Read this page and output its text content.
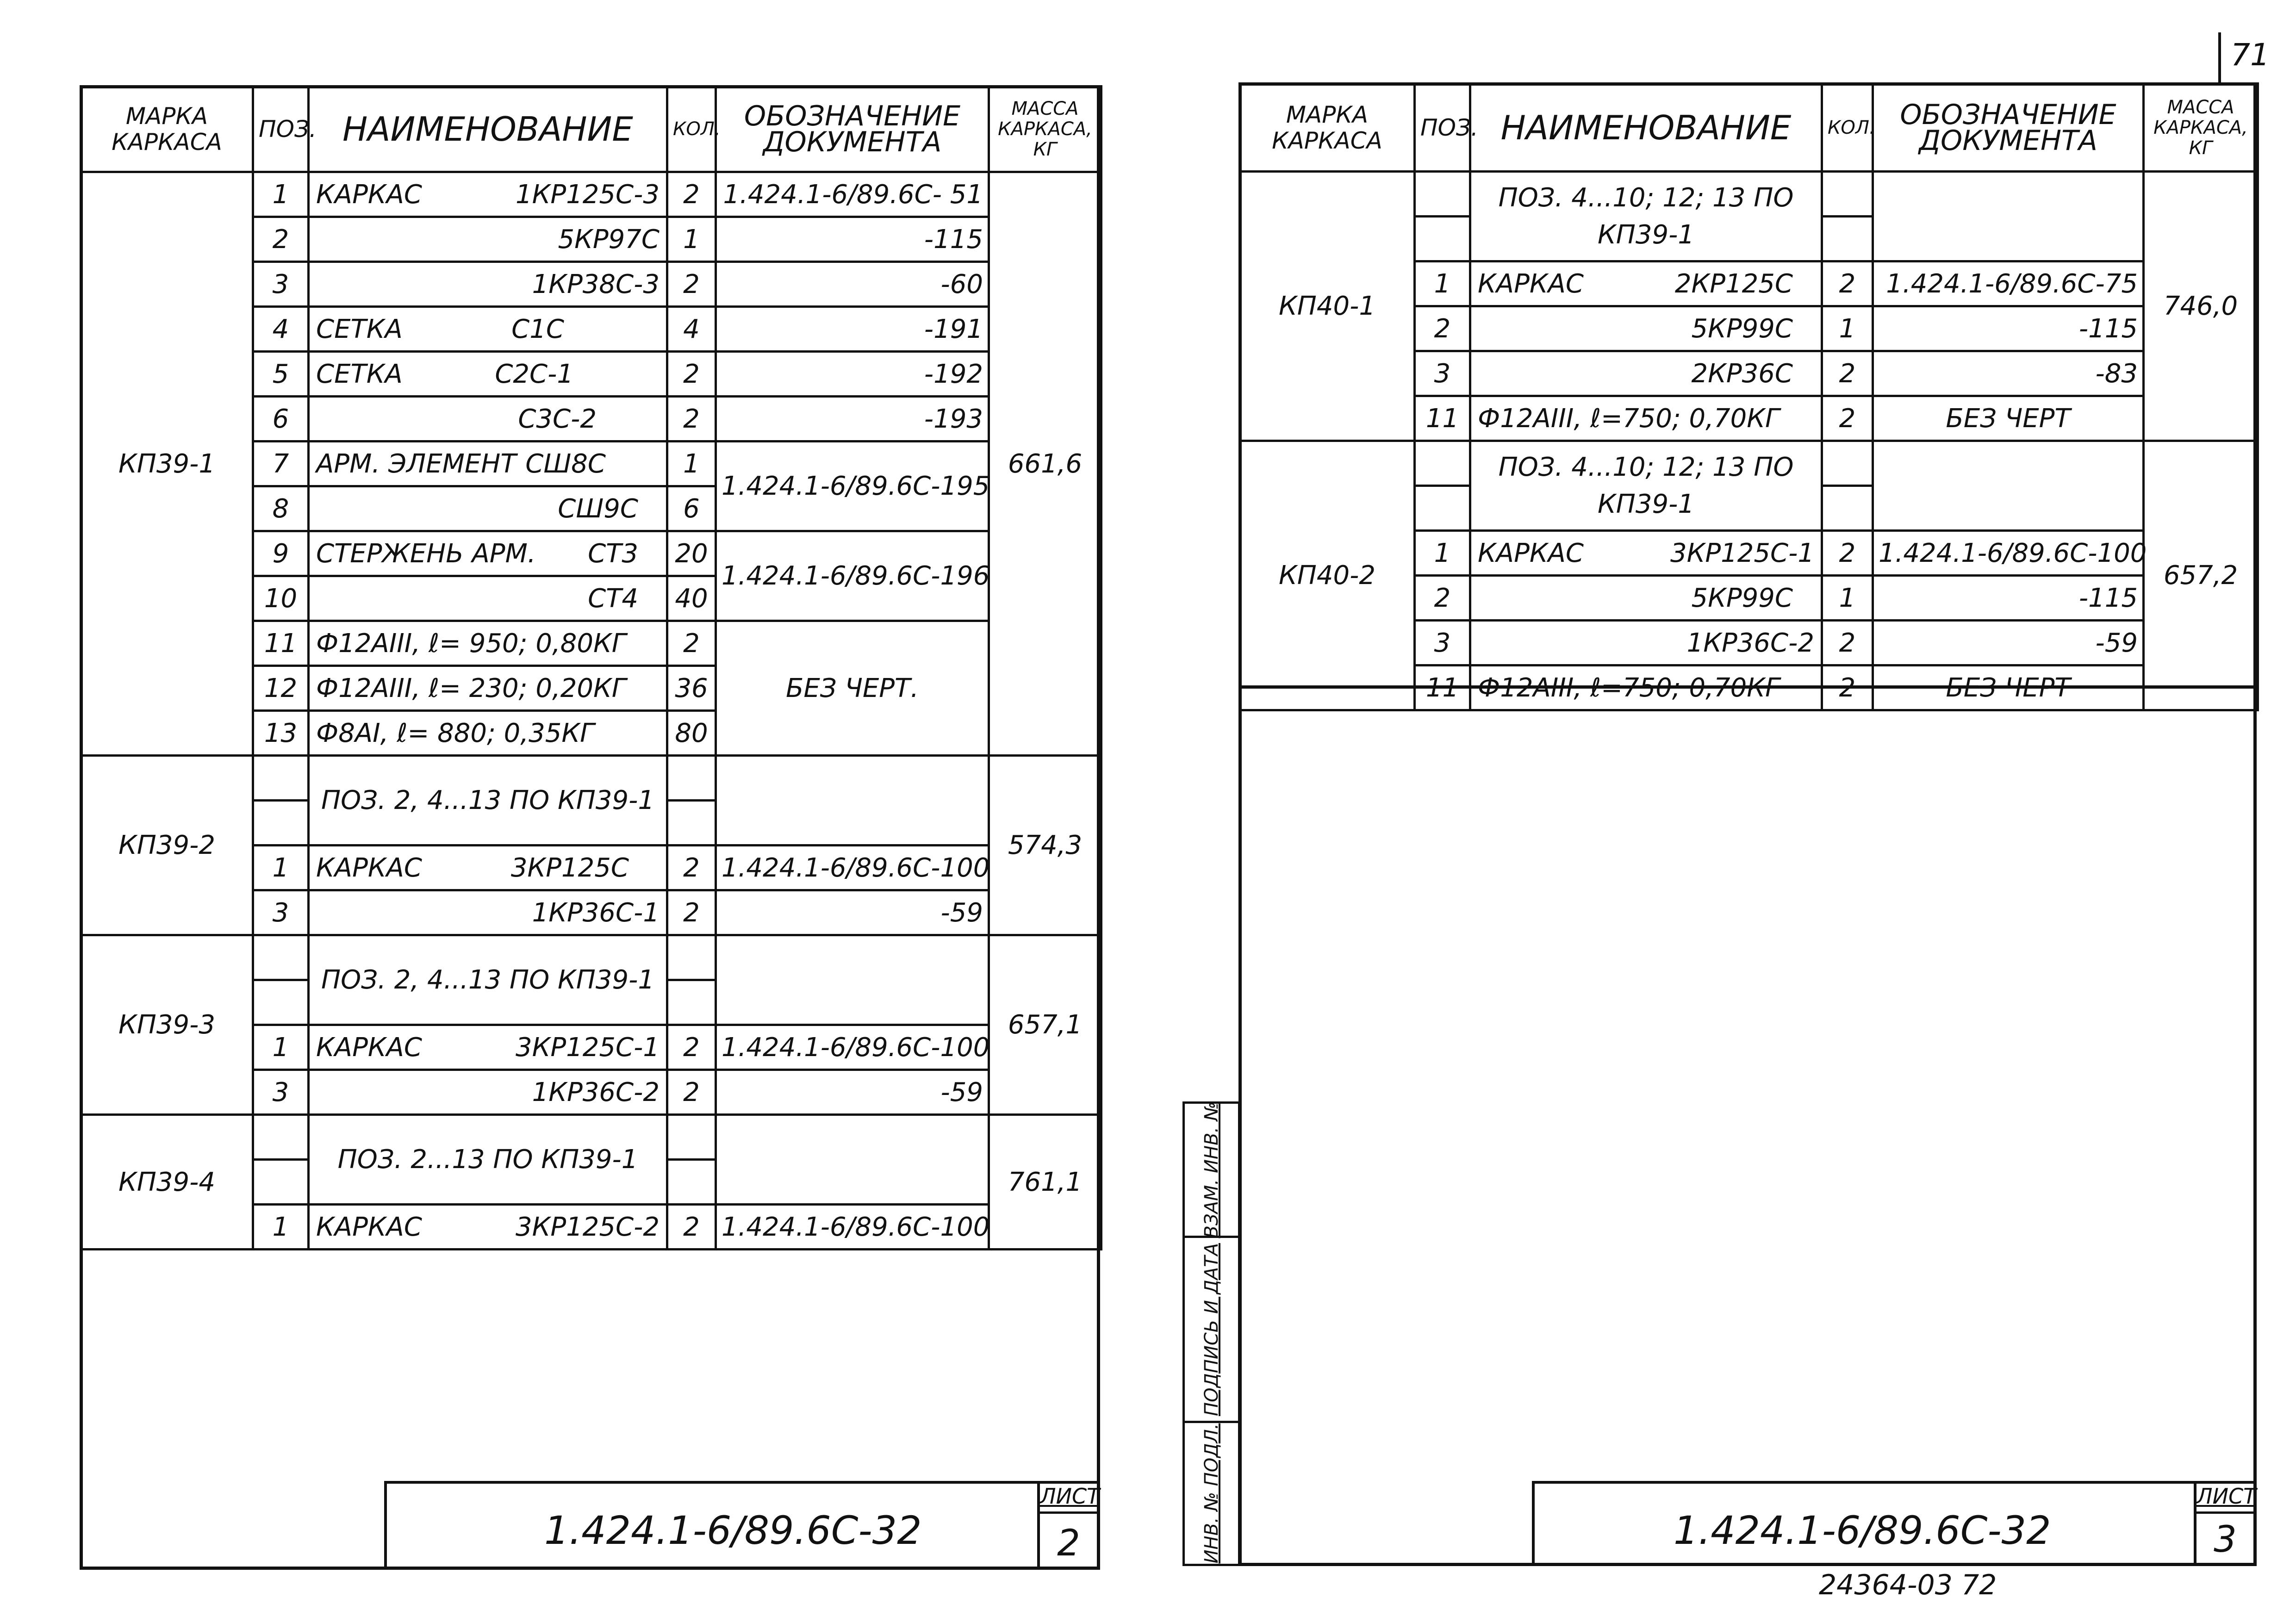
МАРКА КАРКАСА	ПОЗ.	НАИМЕНОВАНИЕ	КОЛ.	ОБОЗНАЧЕНИЕ ДОКУМЕНТА	МАССА КАРКАСА, КГ
КП39-1	1	КАРКАС 1КР125С-3	2	1.424.1-6/89.6С- 51	661,6
	2	5КР97С	1	-115	
	3	1КР38С-3	2	-60	
	4	СЕТКА С1С	4	-191	
	5	СЕТКА С2С-1	2	-192	
	6	С3С-2	2	-193	
	7	АРМ. ЭЛЕМЕНТ СШ8С	1	1.424.1-6/89.6С-195	
	8	СШ9С	6		
	9	СТЕРЖЕНЬ АРМ. СТ3	20	1.424.1-6/89.6С-196	
	10	СТ4	40		
	11	Ф12АIII, ℓ= 950; 0,80КГ	2	БЕЗ ЧЕРТ.	
	12	Ф12АIII, ℓ= 230; 0,20КГ	36		
	13	Ф8АI, ℓ= 880; 0,35КГ	80		
КП39-2		ПОЗ. 2, 4...13 ПО КП39-1			574,3

	1	КАРКАС 3КР125С	2	1.424.1-6/89.6С-100	
	3	1КР36С-1	2	-59	
КП39-3		ПОЗ. 2, 4...13 ПО КП39-1			657,1

	1	КАРКАС 3КР125С-1	2	1.424.1-6/89.6С-100	
	3	1КР36С-2	2	-59	
КП39-4		ПОЗ. 2...13 ПО КП39-1			761,1

	1	КАРКАС 3КР125С-2	2	1.424.1-6/89.6С-100	
1.424.1-6/89.6С-32
ЛИСТ
2
71
МАРКА КАРКАСА	ПОЗ.	НАИМЕНОВАНИЕ	КОЛ.	ОБОЗНАЧЕНИЕ ДОКУМЕНТА	МАССА КАРКАСА, КГ
КП40-1		ПОЗ. 4...10; 12; 13 ПО КП39-1			746,0

	1	КАРКАС 2КР125С	2	1.424.1-6/89.6С-75	
	2	5КР99С	1	-115	
	3	2КР36С	2	-83	
	11	Ф12АIII, ℓ=750; 0,70КГ	2	БЕЗ ЧЕРТ	
КП40-2		ПОЗ. 4...10; 12; 13 ПО КП39-1			657,2

	1	КАРКАС 3КР125С-1	2	1.424.1-6/89.6С-100	
	2	5КР99С	1	-115	
	3	1КР36С-2	2	-59	
	11	Ф12АIII, ℓ=750; 0,70КГ	2	БЕЗ ЧЕРТ	
ВЗАМ. ИНВ. №
ПОДПИСЬ И ДАТА
ИНВ. № ПОДЛ.	1.424.1-6/89.6С-32
ЛИСТ
3
24364-03 72
